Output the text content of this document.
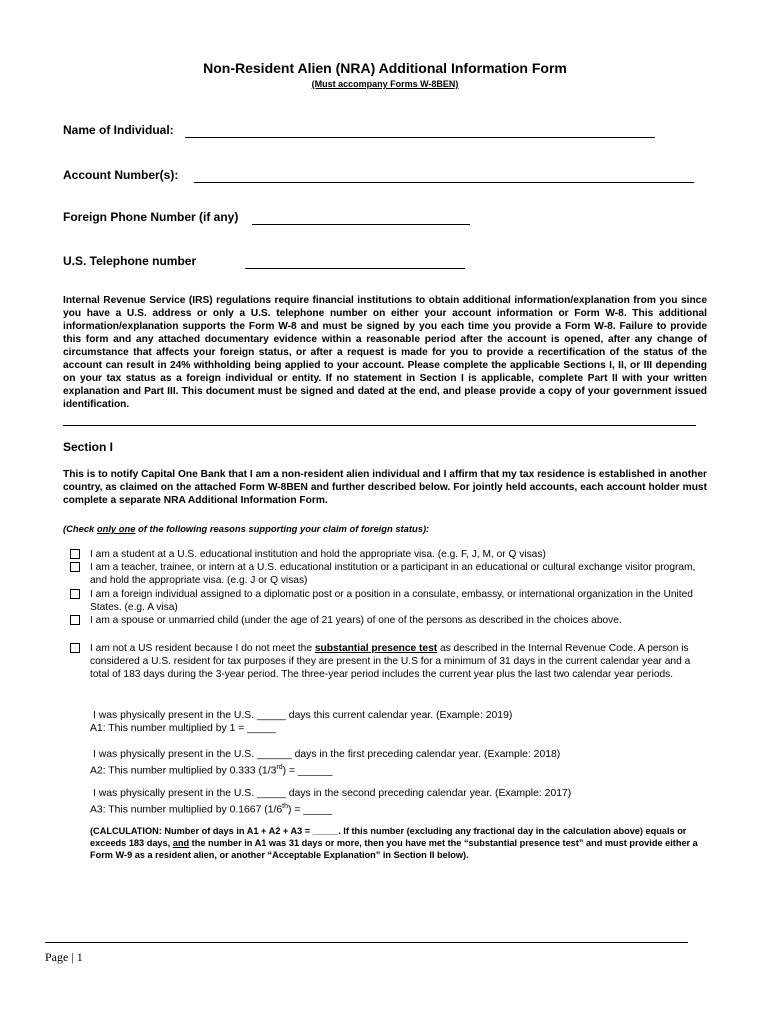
Non-Resident Alien (NRA) Additional Information Form
(Must accompany Forms W-8BEN)
Name of Individual:
Account Number(s):
Foreign Phone Number (if any)
U.S. Telephone number
Internal Revenue Service (IRS) regulations require financial institutions to obtain additional information/explanation from you since you have a U.S. address or only a U.S. telephone number on either your account information or Form W-8. This additional information/explanation supports the Form W-8 and must be signed by you each time you provide a Form W-8. Failure to provide this form and any attached documentary evidence within a reasonable period after the account is opened, after any change of circumstance that affects your foreign status, or after a request is made for you to provide a recertification of the status of the account can result in 24% withholding being applied to your account. Please complete the applicable Sections I, II, or III depending on your tax status as a foreign individual or entity. If no statement in Section I is applicable, complete Part II with your written explanation and Part III. This document must be signed and dated at the end, and please provide a copy of your government issued identification.
Section I
This is to notify Capital One Bank that I am a non-resident alien individual and I affirm that my tax residence is established in another country, as claimed on the attached Form W-8BEN and further described below. For jointly held accounts, each account holder must complete a separate NRA Additional Information Form.
(Check only one of the following reasons supporting your claim of foreign status):
I am a student at a U.S. educational institution and hold the appropriate visa. (e.g. F, J, M, or Q visas)
I am a teacher, trainee, or intern at a U.S. educational institution or a participant in an educational or cultural exchange visitor program, and hold the appropriate visa. (e.g. J or Q visas)
I am a foreign individual assigned to a diplomatic post or a position in a consulate, embassy, or international organization in the United States. (e.g. A visa)
I am a spouse or unmarried child (under the age of 21 years) of one of the persons as described in the choices above.
I am not a US resident because I do not meet the substantial presence test as described in the Internal Revenue Code. A person is considered a U.S. resident for tax purposes if they are present in the U.S for a minimum of 31 days in the current calendar year and a total of 183 days during the 3-year period. The three-year period includes the current year plus the last two calendar year periods.
I was physically present in the U.S. _____ days this current calendar year. (Example: 2019)
A1: This number multiplied by 1 = _____
I was physically present in the U.S. ______ days in the first preceding calendar year. (Example: 2018)
A2: This number multiplied by 0.333 (1/3rd) = ______
I was physically present in the U.S. _____ days in the second preceding calendar year. (Example: 2017)
A3: This number multiplied by 0.1667 (1/6th) = _____
(CALCULATION: Number of days in A1 + A2 + A3 = _____. If this number (excluding any fractional day in the calculation above) equals or exceeds 183 days, and the number in A1 was 31 days or more, then you have met the “substantial presence test” and must provide either a Form W-9 as a resident alien, or another “Acceptable Explanation” in Section II below).
Page | 1
